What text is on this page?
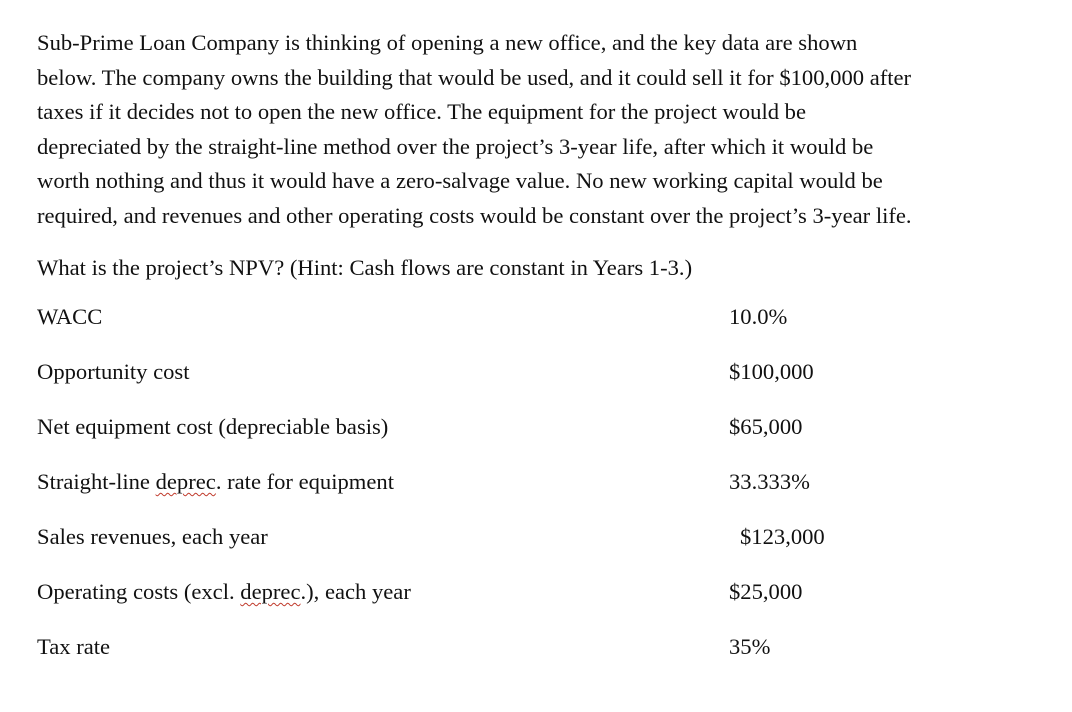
Sub-Prime Loan Company is thinking of opening a new office, and the key data are shown
below. The company owns the building that would be used, and it could sell it for $100,000 after
taxes if it decides not to open the new office. The equipment for the project would be
depreciated by the straight-line method over the project’s 3-year life, after which it would be
worth nothing and thus it would have a zero-salvage value. No new working capital would be
required, and revenues and other operating costs would be constant over the project’s 3-year life.

What is the project’s NPV? (Hint: Cash flows are constant in Years 1-3.)
WACC	10.0%
Opportunity cost	$100,000
Net equipment cost (depreciable basis)	$65,000
Straight-line deprec. rate for equipment	33.333%
Sales revenues, each year	$123,000
Operating costs (excl. deprec.), each year	$25,000
Tax rate	35%
